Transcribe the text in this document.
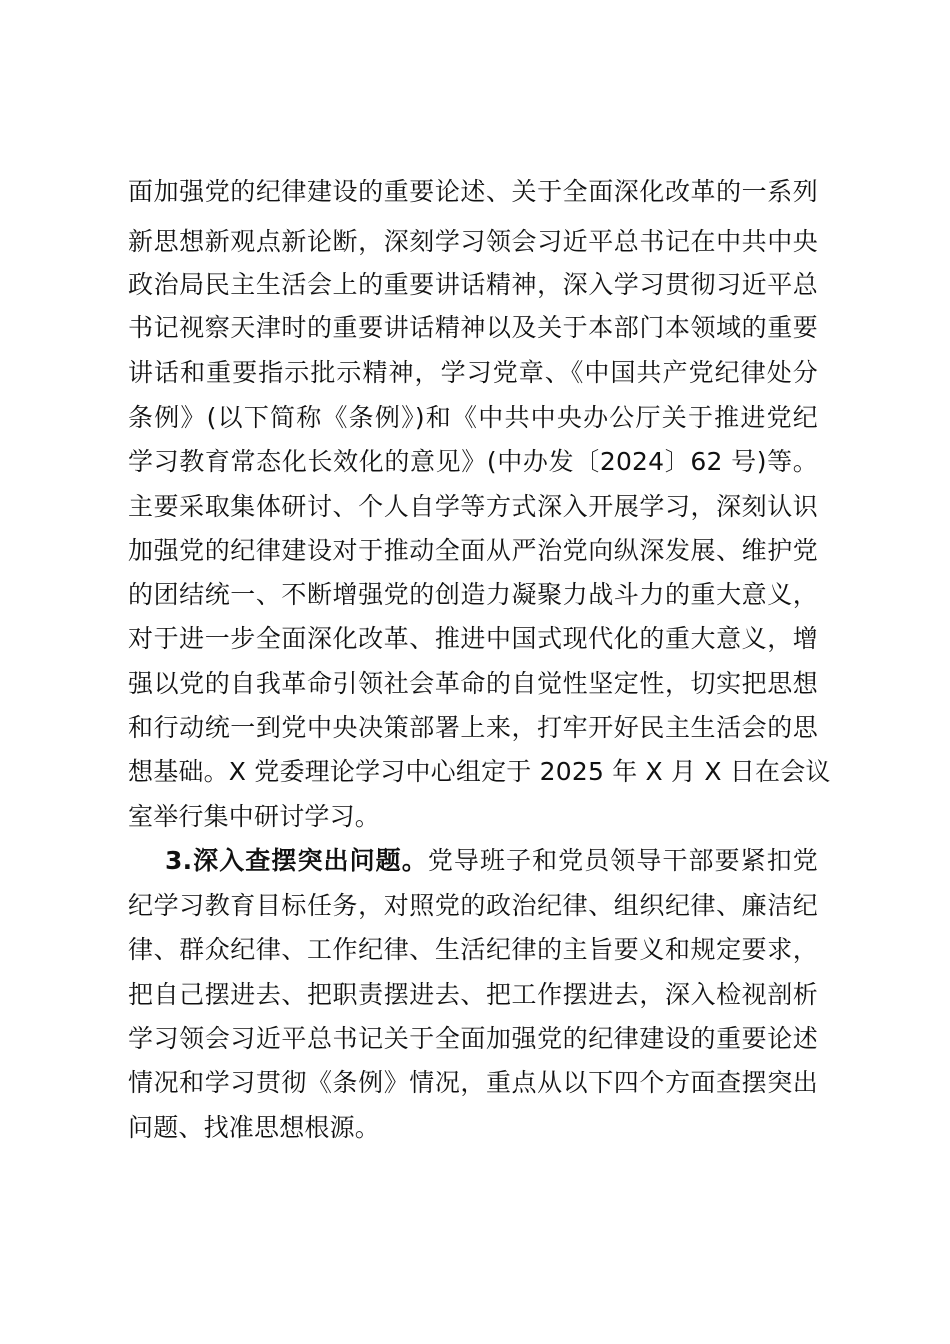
面加强党的纪律建设的重要论述、关于全面深化改革的一系列
新思想新观点新论断，深刻学习领会习近平总书记在中共中央
政治局民主生活会上的重要讲话精神，深入学习贯彻习近平总
书记视察天津时的重要讲话精神以及关于本部门本领域的重要
讲话和重要指示批示精神，学习党章、《中国共产党纪律处分
条例》(以下简称《条例》)和《中共中央办公厅关于推进党纪
学习教育常态化长效化的意见》(中办发〔2024〕62 号)等。
主要采取集体研讨、个人自学等方式深入开展学习，深刻认识
加强党的纪律建设对于推动全面从严治党向纵深发展、维护党
的团结统一、不断增强党的创造力凝聚力战斗力的重大意义，
对于进一步全面深化改革、推进中国式现代化的重大意义，增
强以党的自我革命引领社会革命的自觉性坚定性，切实把思想
和行动统一到党中央决策部署上来，打牢开好民主生活会的思
想基础。X 党委理论学习中心组定于 2025 年 X 月 X 日在会议
室举行集中研讨学习。
3.深入查摆突出问题。党导班子和党员领导干部要紧扣党
纪学习教育目标任务，对照党的政治纪律、组织纪律、廉洁纪
律、群众纪律、工作纪律、生活纪律的主旨要义和规定要求，
把自己摆进去、把职责摆进去、把工作摆进去，深入检视剖析
学习领会习近平总书记关于全面加强党的纪律建设的重要论述
情况和学习贯彻《条例》情况，重点从以下四个方面查摆突出
问题、找准思想根源。
